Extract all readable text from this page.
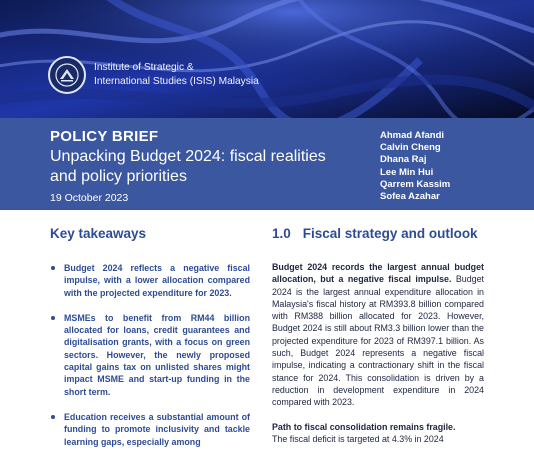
Institute of Strategic &
International Studies (ISIS) Malaysia
POLICY BRIEF
Unpacking Budget 2024: fiscal realities and policy priorities
19 October 2023
Ahmad Afandi
Calvin Cheng
Dhana Raj
Lee Min Hui
Qarrem Kassim
Sofea Azahar
Key takeaways
Budget 2024 reflects a negative fiscal impulse, with a lower allocation compared with the projected expenditure for 2023.
MSMEs to benefit from RM44 billion allocated for loans, credit guarantees and digitalisation grants, with a focus on green sectors. However, the newly proposed capital gains tax on unlisted shares might impact MSME and start-up funding in the short term.
Education receives a substantial amount of funding to promote inclusivity and tackle learning gaps, especially among
1.0 Fiscal strategy and outlook

Budget 2024 records the largest annual budget allocation, but a negative fiscal impulse. Budget 2024 is the largest annual expenditure allocation in Malaysia's fiscal history at RM393.8 billion compared with RM388 billion allocated for 2023. However, Budget 2024 is still about RM3.3 billion lower than the projected expenditure for 2023 of RM397.1 billion. As such, Budget 2024 represents a negative fiscal impulse, indicating a contractionary shift in the fiscal stance for 2024. This consolidation is driven by a reduction in development expenditure in 2024 compared with 2023.

Path to fiscal consolidation remains fragile.
The fiscal deficit is targeted at 4.3% in 2024
